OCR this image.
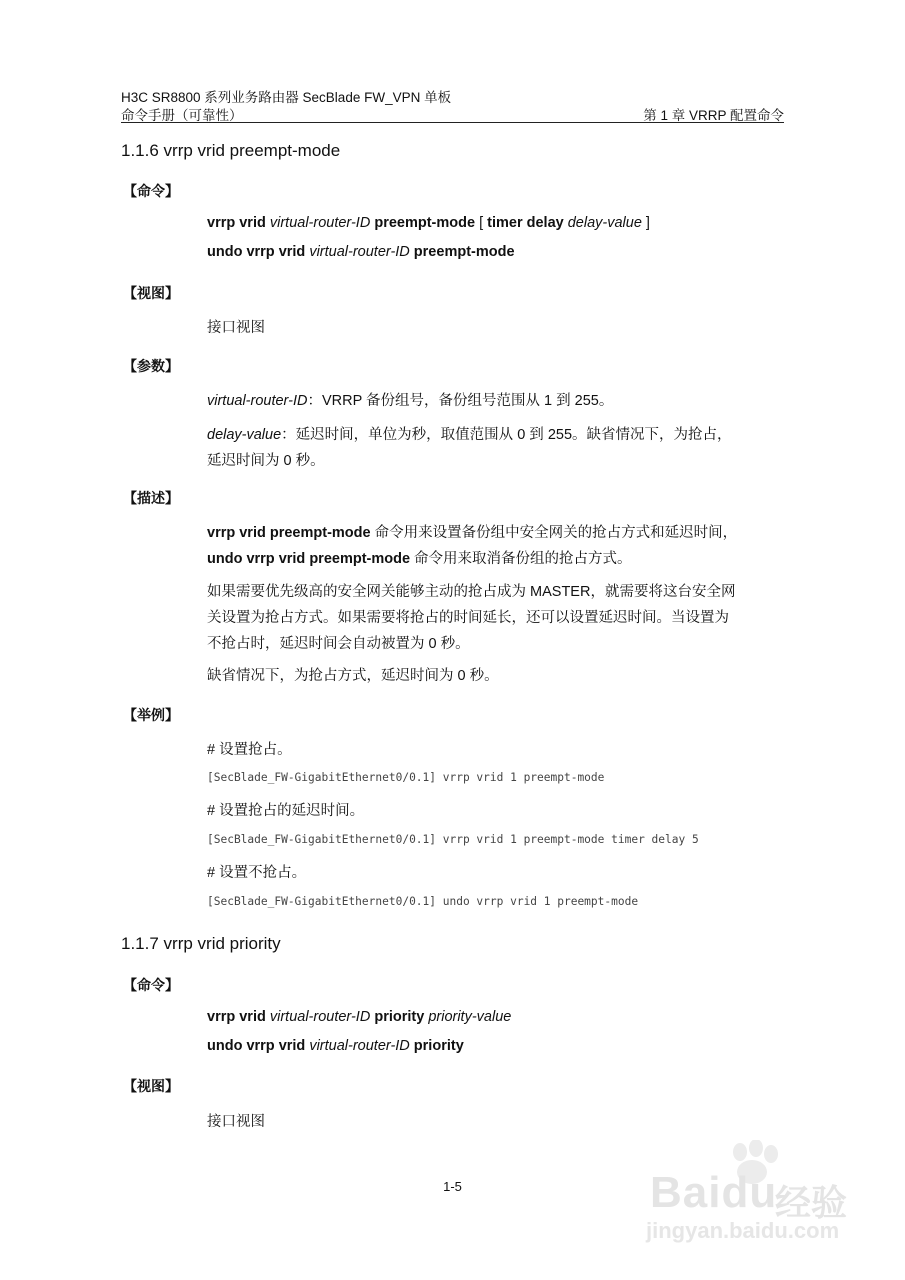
H3C SR8800 系列业务路由器 SecBlade FW_VPN 单板
命令手册（可靠性）	第 1 章 VRRP 配置命令
1.1.6 vrrp vrid preempt-mode
【命令】
vrrp vrid virtual-router-ID preempt-mode [ timer delay delay-value ]
undo vrrp vrid virtual-router-ID preempt-mode
【视图】
接口视图
【参数】
virtual-router-ID：VRRP 备份组号，备份组号范围从 1 到 255。
delay-value：延迟时间，单位为秒，取值范围从 0 到 255。缺省情况下，为抢占，
延迟时间为 0 秒。
【描述】
vrrp vrid preempt-mode 命令用来设置备份组中安全网关的抢占方式和延迟时间，
undo vrrp vrid preempt-mode 命令用来取消备份组的抢占方式。
如果需要优先级高的安全网关能够主动的抢占成为 MASTER，就需要将这台安全网
关设置为抢占方式。如果需要将抢占的时间延长，还可以设置延迟时间。当设置为
不抢占时，延迟时间会自动被置为 0 秒。
缺省情况下，为抢占方式，延迟时间为 0 秒。
【举例】
# 设置抢占。
[SecBlade_FW-GigabitEthernet0/0.1] vrrp vrid 1 preempt-mode
# 设置抢占的延迟时间。
[SecBlade_FW-GigabitEthernet0/0.1] vrrp vrid 1 preempt-mode timer delay 5
# 设置不抢占。
[SecBlade_FW-GigabitEthernet0/0.1] undo vrrp vrid 1 preempt-mode
1.1.7 vrrp vrid priority
【命令】
vrrp vrid virtual-router-ID priority priority-value
undo vrrp vrid virtual-router-ID priority
【视图】
接口视图
1-5	Baidu
经验
jingyan.baidu.com
